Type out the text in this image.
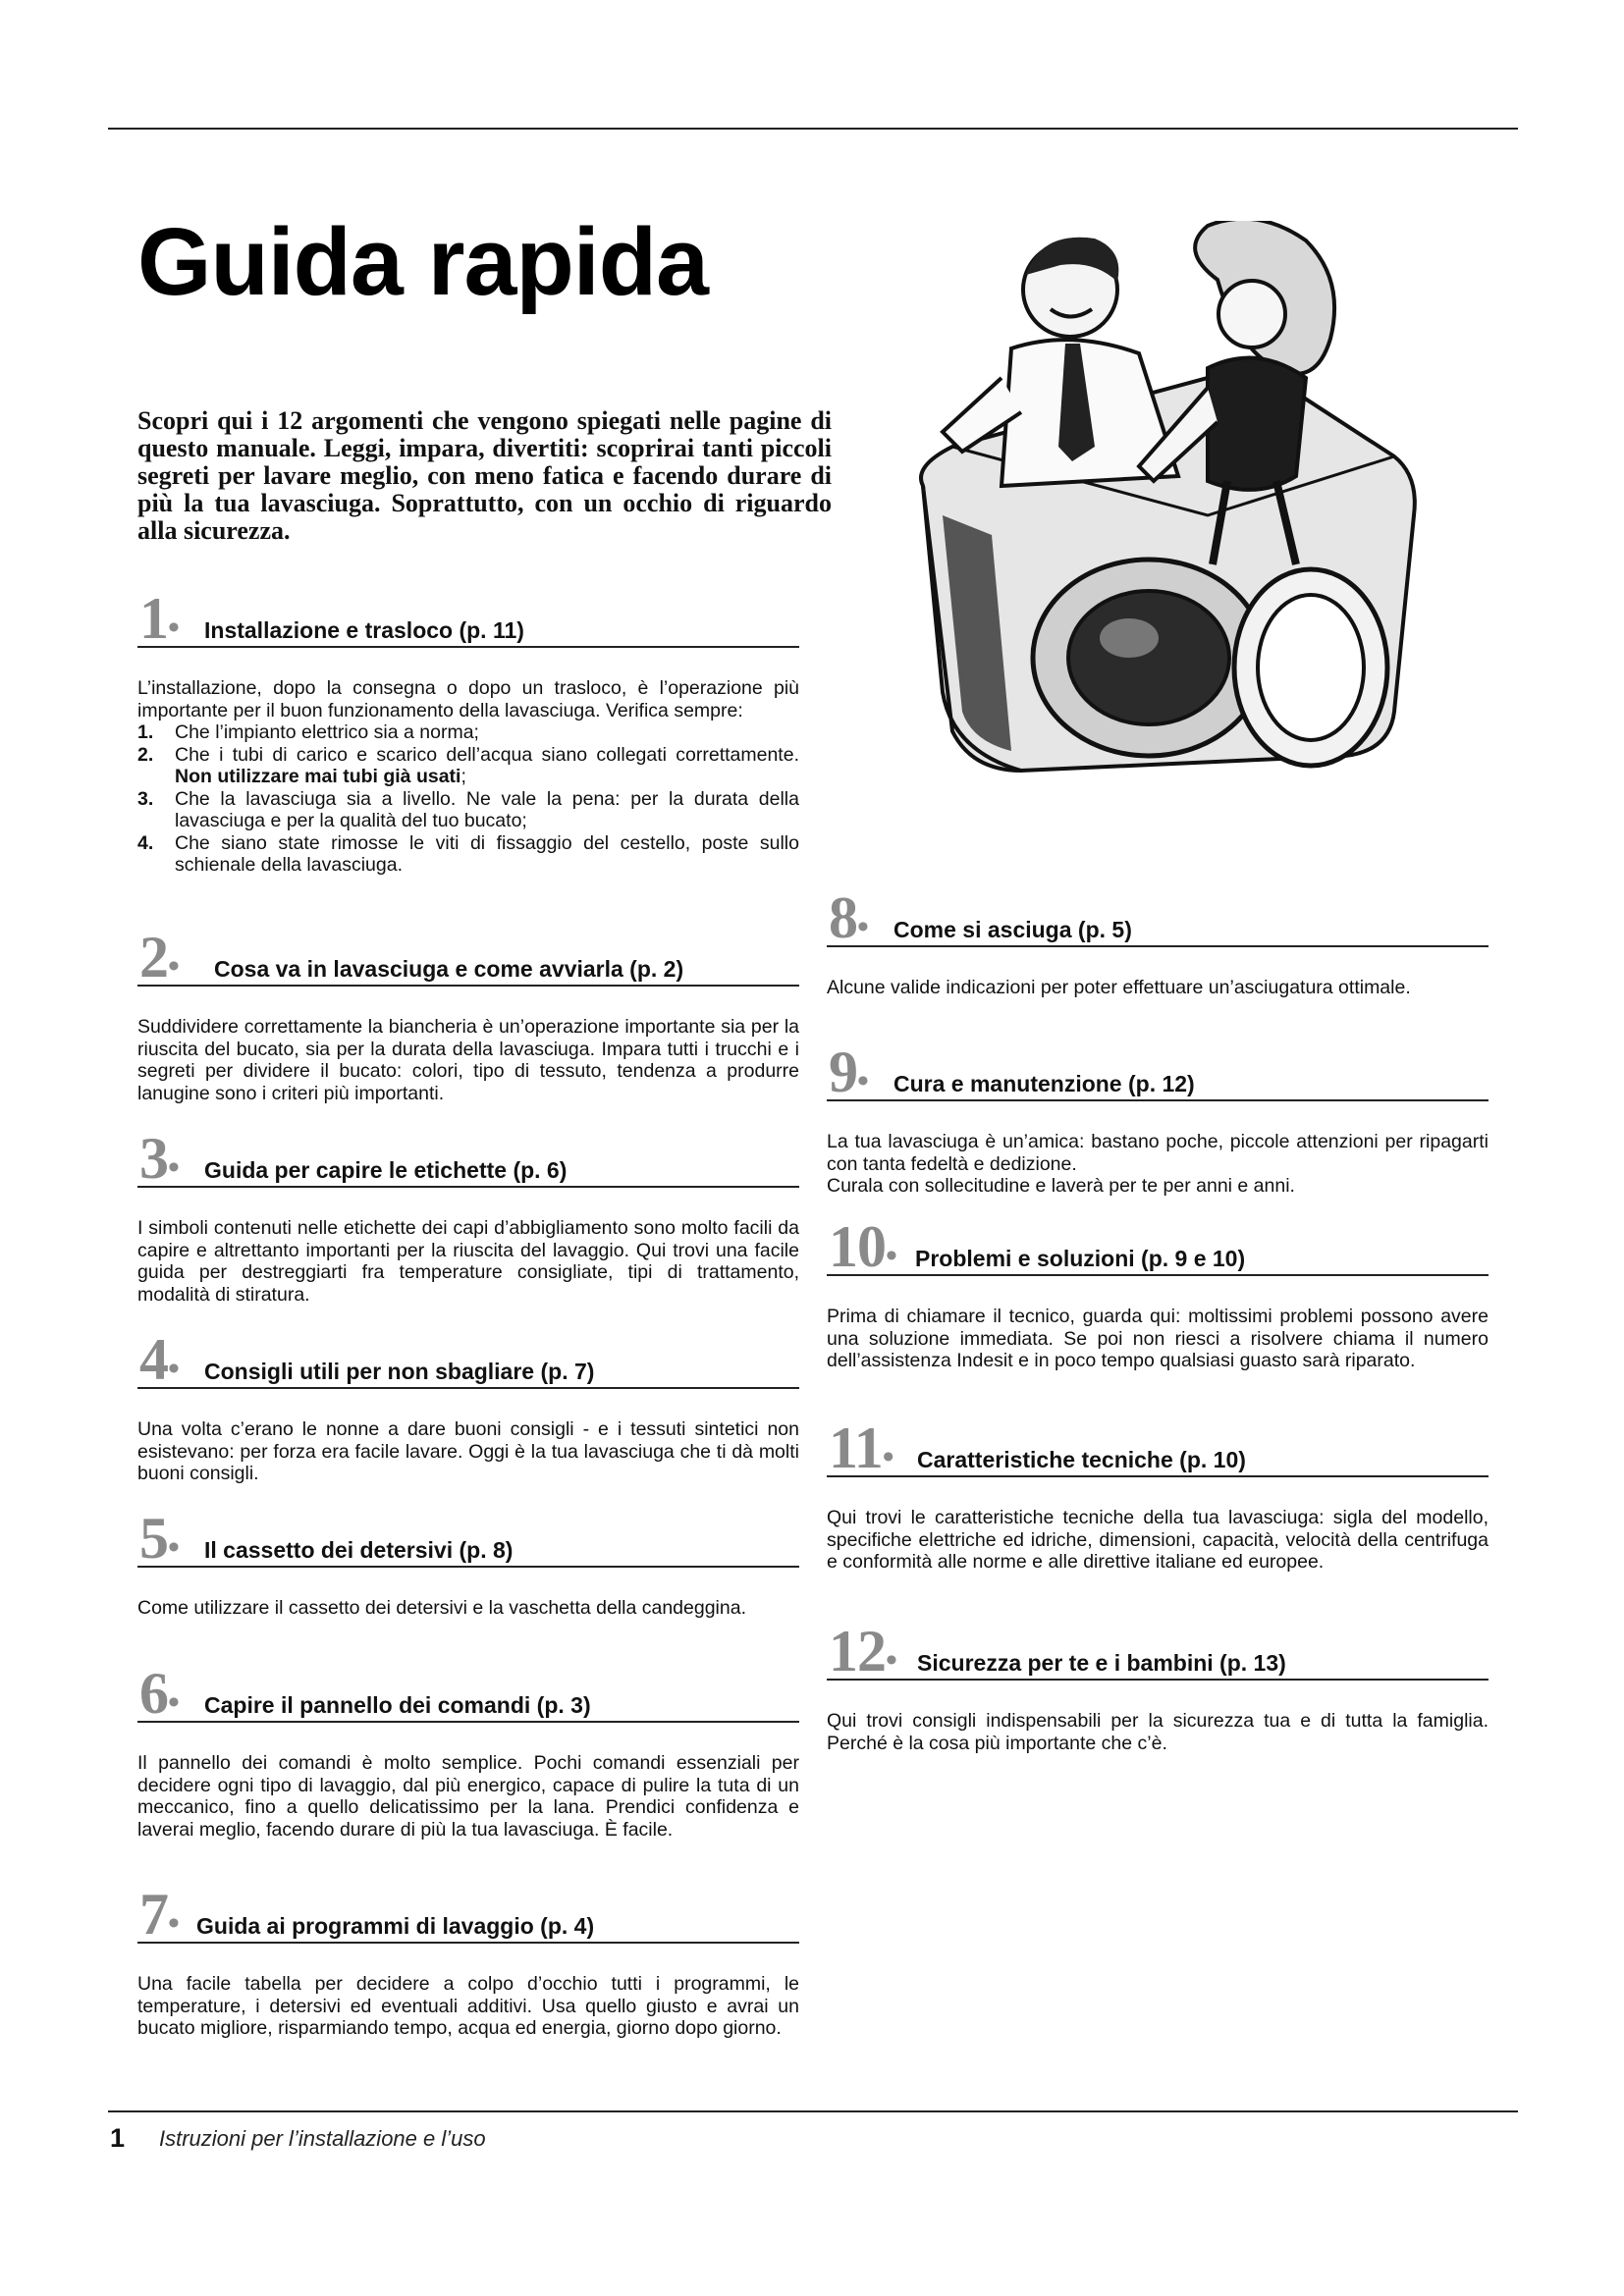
Guida rapida

Scopri qui i 12 argomenti che vengono spiegati nelle pagine di questo manuale. Leggi, impara, divertiti: scoprirai tanti piccoli segreti per lavare meglio, con meno fatica e facendo durare di più la tua lavasciuga. Soprattutto, con un occhio di riguardo alla sicurezza.

1• Installazione e trasloco (p. 11)
L’installazione, dopo la consegna o dopo un trasloco, è l’operazione più importante per il buon funzionamento della lavasciuga. Verifica sempre:
1. Che l’impianto elettrico sia a norma;
2. Che i tubi di carico e scarico dell’acqua siano collegati correttamente. Non utilizzare mai tubi già usati;
3. Che la lavasciuga sia a livello. Ne vale la pena: per la durata della lavasciuga e per la qualità del tuo bucato;
4. Che siano state rimosse le viti di fissaggio del cestello, poste sullo schienale della lavasciuga.
2• Cosa va in lavasciuga e come avviarla (p. 2)

Suddividere correttamente la biancheria è un’operazione importante sia per la riuscita del bucato, sia per la durata della lavasciuga. Impara tutti i trucchi e i segreti per dividere il bucato: colori, tipo di tessuto, tendenza a produrre lanugine sono i criteri più importanti.

3• Guida per capire le etichette (p. 6)

I simboli contenuti nelle etichette dei capi d’abbigliamento sono molto facili da capire e altrettanto importanti per la riuscita del lavaggio. Qui trovi una facile guida per destreggiarti fra temperature consigliate, tipi di trattamento, modalità di stiratura.

4• Consigli utili per non sbagliare (p. 7)

Una volta c’erano le nonne a dare buoni consigli - e i tessuti sintetici non esistevano: per forza era facile lavare. Oggi è la tua lavasciuga che ti dà molti buoni consigli.

5• Il cassetto dei detersivi (p. 8)

Come utilizzare il cassetto dei detersivi e la vaschetta della candeggina.

6• Capire il pannello dei comandi (p. 3)

Il pannello dei comandi è molto semplice. Pochi comandi essenziali per decidere ogni tipo di lavaggio, dal più energico, capace di pulire la tuta di un meccanico, fino a quello delicatissimo per la lana. Prendici confidenza e laverai meglio, facendo durare di più la tua lavasciuga. È facile.

7• Guida ai programmi di lavaggio (p. 4)

Una facile tabella per decidere a colpo d’occhio tutti i programmi, le temperature, i detersivi ed eventuali additivi. Usa quello giusto e avrai un bucato migliore, risparmiando tempo, acqua ed energia, giorno dopo giorno.

8• Come si asciuga (p. 5)

Alcune valide indicazioni per poter effettuare un’asciugatura ottimale.

9• Cura e manutenzione (p. 12)
La tua lavasciuga è un’amica: bastano poche, piccole attenzioni per ripagarti con tanta fedeltà e dedizione.
Curala con sollecitudine e laverà per te per anni e anni.
10• Problemi e soluzioni (p. 9 e 10)

Prima di chiamare il tecnico, guarda qui: moltissimi problemi possono avere una soluzione immediata. Se poi non riesci a risolvere chiama il numero dell’assistenza Indesit e in poco tempo qualsiasi guasto sarà riparato.

11• Caratteristiche tecniche (p. 10)

Qui trovi le caratteristiche tecniche della tua lavasciuga: sigla del modello, specifiche elettriche ed idriche, dimensioni, capacità, velocità della centrifuga e conformità alle norme e alle direttive italiane ed europee.

12• Sicurezza per te e i bambini (p. 13)

Qui trovi consigli indispensabili per la sicurezza tua e di tutta la famiglia. Perché è la cosa più importante che c’è.

1 Istruzioni per l’installazione e l’uso
